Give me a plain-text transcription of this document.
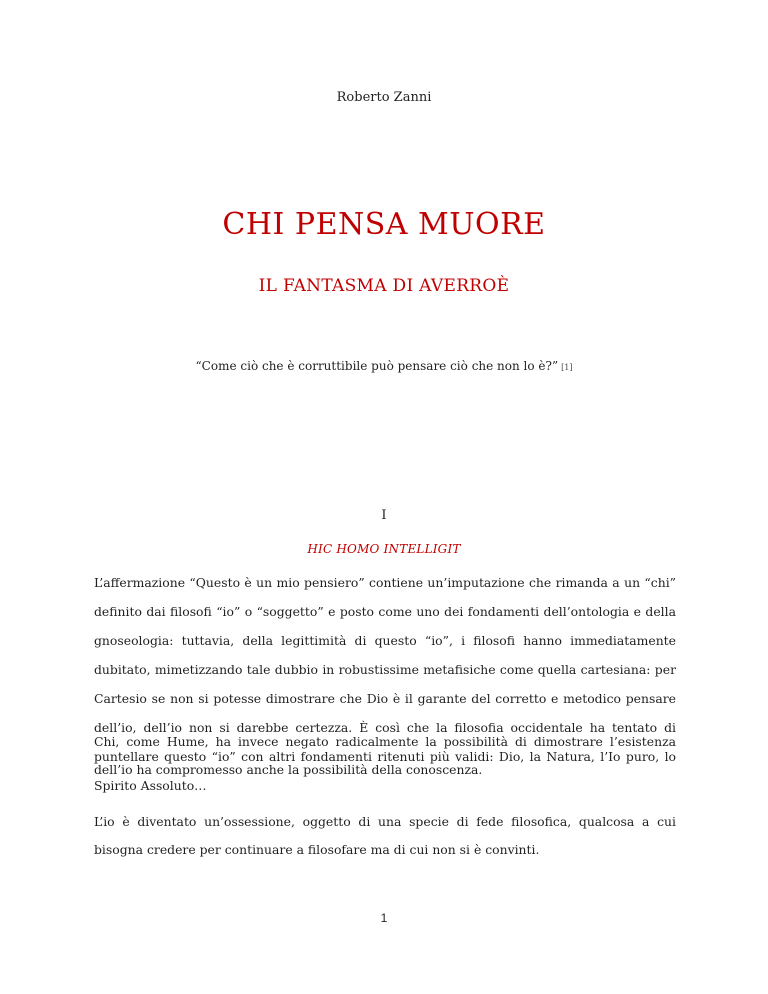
Roberto Zanni
CHI PENSA MUORE
IL FANTASMA DI AVERROÈ
“Come ciò che è corruttibile può pensare ciò che non lo è?” [1]
I
HIC HOMO INTELLIGIT
L’affermazione “Questo è un mio pensiero” contiene un’imputazione che rimanda a un “chi” definito dai filosofi “io” o “soggetto” e posto come uno dei fondamenti dell’ontologia e della gnoseologia: tuttavia, della legittimità di questo “io”, i filosofi hanno immediatamente dubitato, mimetizzando tale dubbio in robustissime metafisiche come quella cartesiana: per Cartesio se non si potesse dimostrare che Dio è il garante del corretto e metodico pensare dell’io, dell’io non si darebbe certezza. È così che la filosofia occidentale ha tentato di puntellare questo “io” con altri fondamenti ritenuti più validi: Dio, la Natura, l’Io puro, lo Spirito Assoluto…
Chi, come Hume, ha invece negato radicalmente la possibilità di dimostrare l’esistenza dell’io ha compromesso anche la possibilità della conoscenza.
L’io è diventato un’ossessione, oggetto di una specie di fede filosofica, qualcosa a cui bisogna credere per continuare a filosofare ma di cui non si è convinti.
1
